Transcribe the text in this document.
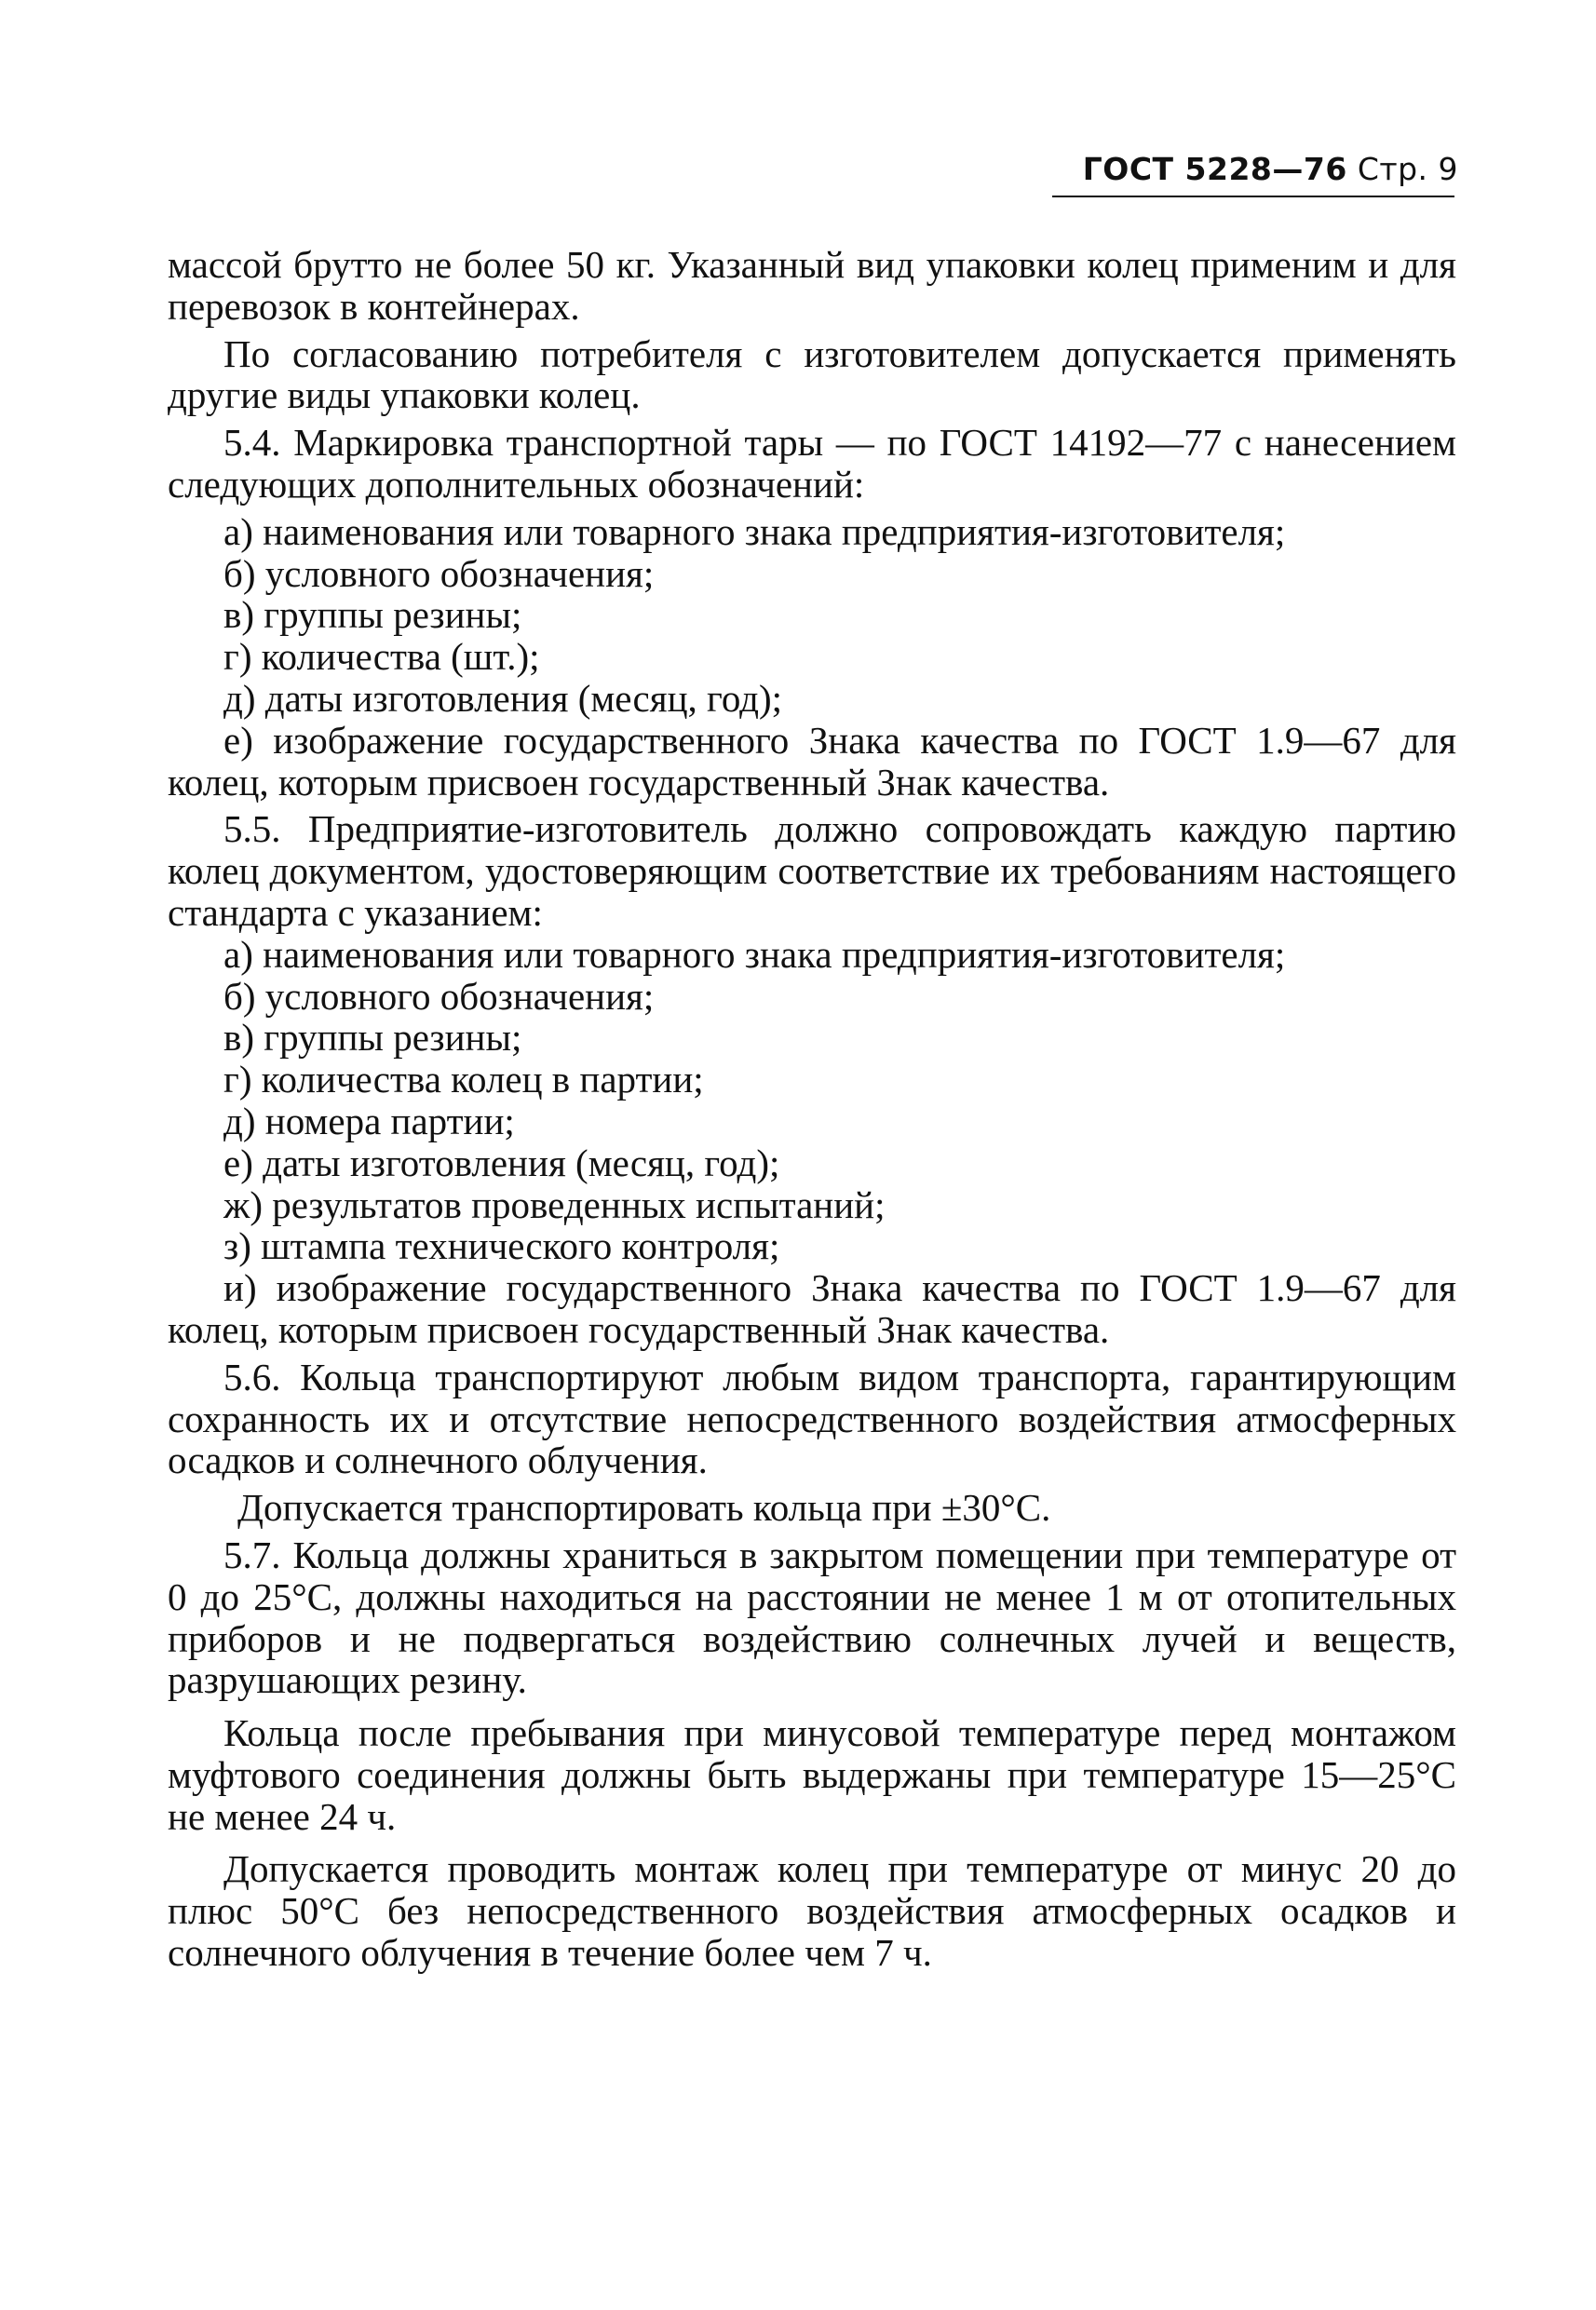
ГОСТ 5228—76 Стр. 9

массой брутто не более 50 кг. Указанный вид упаковки колец применим и для перевозок в контейнерах.

По согласованию потребителя с изготовителем допускается применять другие виды упаковки колец.

5.4. Маркировка транспортной тары — по ГОСТ 14192—77 с нанесением следующих дополнительных обозначений:

а) наименования или товарного знака предприятия-изготовителя;

б) условного обозначения;

в) группы резины;

г) количества (шт.);

д) даты изготовления (месяц, год);

е) изображение государственного Знака качества по ГОСТ 1.9—67 для колец, которым присвоен государственный Знак качества.

5.5. Предприятие-изготовитель должно сопровождать каждую партию колец документом, удостоверяющим соответствие их требованиям настоящего стандарта с указанием:

а) наименования или товарного знака предприятия-изготовителя;

б) условного обозначения;

в) группы резины;

г) количества колец в партии;

д) номера партии;

е) даты изготовления (месяц, год);

ж) результатов проведенных испытаний;

з) штампа технического контроля;

и) изображение государственного Знака качества по ГОСТ 1.9—67 для колец, которым присвоен государственный Знак качества.

5.6. Кольца транспортируют любым видом транспорта, гарантирующим сохранность их и отсутствие непосредственного воздействия атмосферных осадков и солнечного облучения.

Допускается транспортировать кольца при ±30°С.

5.7. Кольца должны храниться в закрытом помещении при температуре от 0 до 25°С, должны находиться на расстоянии не менее 1 м от отопительных приборов и не подвергаться воздействию солнечных лучей и веществ, разрушающих резину.

Кольца после пребывания при минусовой температуре перед монтажом муфтового соединения должны быть выдержаны при температуре 15—25°С не менее 24 ч.

Допускается проводить монтаж колец при температуре от минус 20 до плюс 50°С без непосредственного воздействия атмосферных осадков и солнечного облучения в течение более чем 7 ч.
